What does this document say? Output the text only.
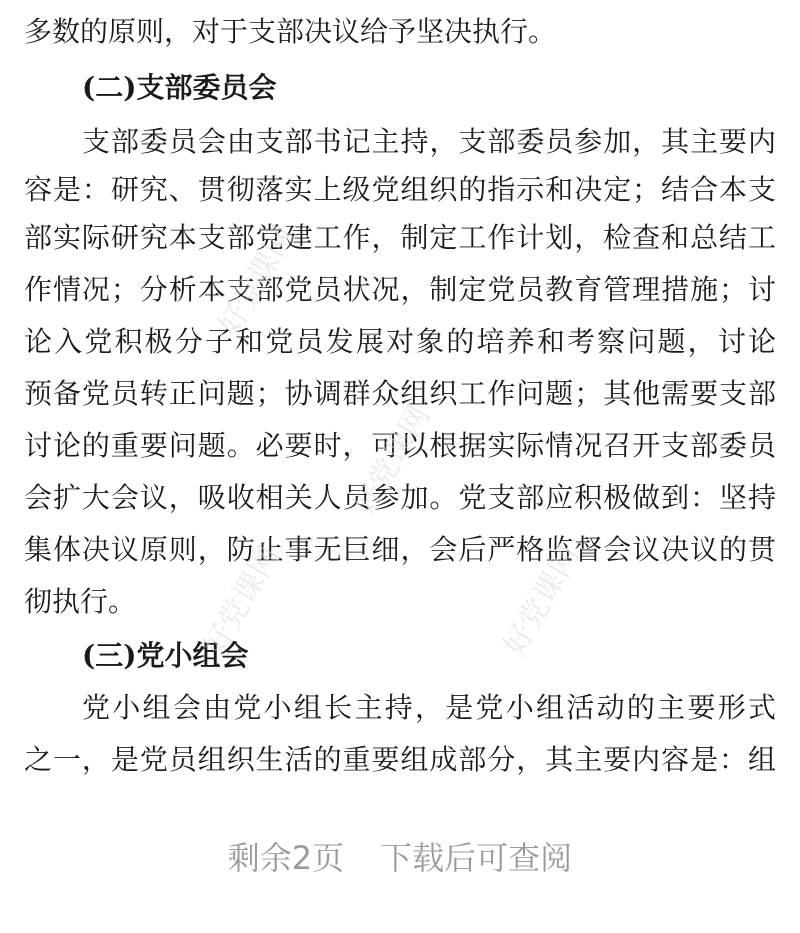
多数的原则，对于支部决议给予坚决执行。
(二)支部委员会
支部委员会由支部书记主持，支部委员参加，其主要内
容是：研究、贯彻落实上级党组织的指示和决定；结合本支
部实际研究本支部党建工作，制定工作计划，检查和总结工
作情况；分析本支部党员状况，制定党员教育管理措施；讨
论入党积极分子和党员发展对象的培养和考察问题，讨论
预备党员转正问题；协调群众组织工作问题；其他需要支部
讨论的重要问题。必要时，可以根据实际情况召开支部委员
会扩大会议，吸收相关人员参加。党支部应积极做到：坚持
集体决议原则，防止事无巨细，会后严格监督会议决议的贯
彻执行。
(三)党小组会
党小组会由党小组长主持，是党小组活动的主要形式
之一，是党员组织生活的重要组成部分，其主要内容是：组
好党课网
好党课网
好党课网	好党课网
剩余2页 下载后可查阅
